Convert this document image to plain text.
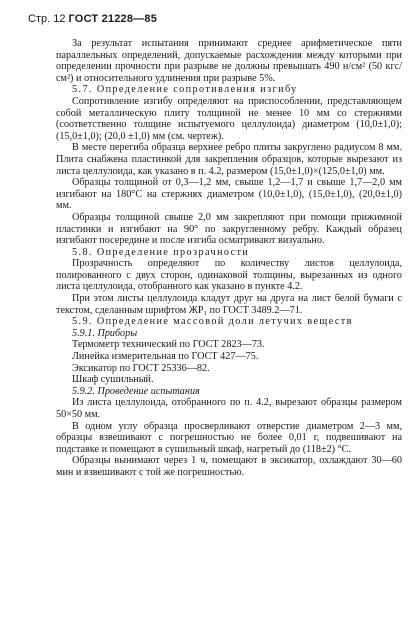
Стр. 12 ГОСТ 21228—85

За результат испытания принимают среднее арифметическое пяти параллельных определений, допускаемые расхождения между которыми при определении прочности при разрыве не должны превышать 490 н/см² (50 кгс/см²) и относительного удлинения при разрыве 5%.

5.7. Определение сопротивления изгибу

Сопротивление изгибу определяют на приспособлении, представляющем собой металлическую плиту толщиной не менее 10 мм со стержнями (соответственно толщине испытуемого целлулоида) диаметром (10,0±1,0); (15,0±1,0); (20,0 ±1,0) мм (см. чертеж).

В месте перегиба образца верхнее ребро плиты закруглено радиусом 8 мм. Плита снабжена пластинкой для закрепления образцов, которые вырезают из листа целлулоида, как указано в п. 4.2, размером (15,0±1,0)×(125,0±1,0) мм.

Образцы толщиной от 0,3—1,2 мм, свыше 1,2—1,7 и свыше 1,7—2,0 мм изгибают на 180°С на стержнях диаметром (10,0±1,0), (15,0±1,0), (20,0±1,0) мм.

Образцы толщиной свыше 2,0 мм закрепляют при помощи прижимной пластинки и изгибают на 90° по закругленному ребру. Каждый образец изгибают посередине и после изгиба осматривают визуально.

5.8. Определение прозрачности

Прозрачность определяют по количеству листов целлулоида, полированного с двух сторон, одинаковой толщины, вырезанных из одного листа целлулоида, отобранного как указано в пункте 4.2.

При этом листы целлулоида кладут друг на друга на лист белой бумаги с текстом, сделанным шрифтом ЖР₁ по ГОСТ 3489.2—71.

5.9. Определение массовой доли летучих веществ

5.9.1. Приборы

Термометр технический по ГОСТ 2823—73.

Линейка измерительная по ГОСТ 427—75.

Эксикатор по ГОСТ 25336—82.

Шкаф сушильный.

5.9.2. Проведение испытания

Из листа целлулоида, отобранного по п. 4.2, вырезают образцы размером 50×50 мм.

В одном углу образца просверливают отверстие диаметром 2—3 мм, образцы взвешивают с погрешностью не более 0,01 г, подвешивают на подставке и помещают в сушильный шкаф, нагретый до (118±2) °С.

Образцы вынимают через 1 ч, помещают в эксикатор, охлаждают 30—60 мин и взвешивают с той же погрешностью.
